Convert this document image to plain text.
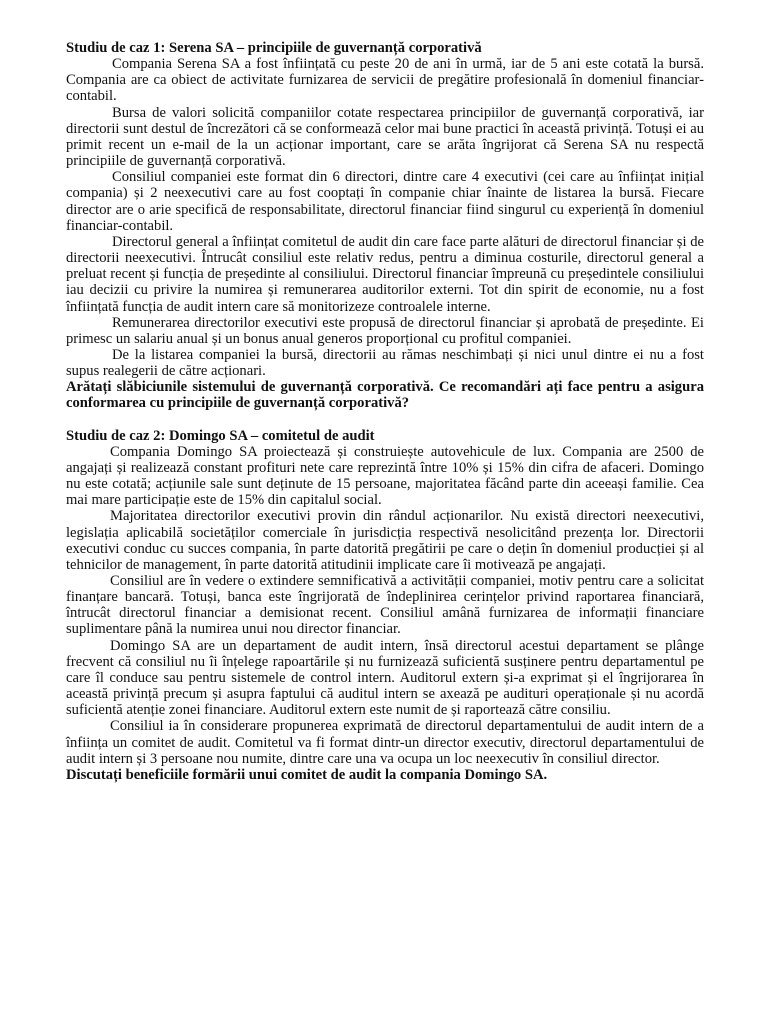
Studiu de caz 1: Serena SA – principiile de guvernanță corporativă

Compania Serena SA a fost înființată cu peste 20 de ani în urmă, iar de 5 ani este cotată la bursă. Compania are ca obiect de activitate furnizarea de servicii de pregătire profesională în domeniul financiar-contabil.

Bursa de valori solicită companiilor cotate respectarea principiilor de guvernanță corporativă, iar directorii sunt destul de încrezători că se conformează celor mai bune practici în această privință. Totuși ei au primit recent un e-mail de la un acționar important, care se arăta îngrijorat că Serena SA nu respectă principiile de guvernanță corporativă.

Consiliul companiei este format din 6 directori, dintre care 4 executivi (cei care au înființat inițial compania) și 2 neexecutivi care au fost cooptați în companie chiar înainte de listarea la bursă. Fiecare director are o arie specifică de responsabilitate, directorul financiar fiind singurul cu experiență în domeniul financiar-contabil.

Directorul general a înființat comitetul de audit din care face parte alături de directorul financiar și de directorii neexecutivi. Întrucât consiliul este relativ redus, pentru a diminua costurile, directorul general a preluat recent și funcția de președinte al consiliului. Directorul financiar împreună cu președintele consiliului iau decizii cu privire la numirea și remunerarea auditorilor externi. Tot din spirit de economie, nu a fost înființată funcția de audit intern care să monitorizeze controalele interne.

Remunerarea directorilor executivi este propusă de directorul financiar și aprobată de președinte. Ei primesc un salariu anual și un bonus anual generos proporțional cu profitul companiei.

De la listarea companiei la bursă, directorii au rămas neschimbați și nici unul dintre ei nu a fost supus realegerii de către acționari.

Arătați slăbiciunile sistemului de guvernanță corporativă. Ce recomandări ați face pentru a asigura conformarea cu principiile de guvernanță corporativă?

Studiu de caz 2: Domingo SA – comitetul de audit

Compania Domingo SA proiectează și construiește autovehicule de lux. Compania are 2500 de angajați și realizează constant profituri nete care reprezintă între 10% și 15% din cifra de afaceri. Domingo nu este cotată; acțiunile sale sunt deținute de 15 persoane, majoritatea făcând parte din aceeași familie. Cea mai mare participație este de 15% din capitalul social.

Majoritatea directorilor executivi provin din rândul acționarilor. Nu există directori neexecutivi, legislația aplicabilă societăților comerciale în jurisdicția respectivă nesolicitând prezența lor. Directorii executivi conduc cu succes compania, în parte datorită pregătirii pe care o dețin în domeniul producției și al tehnicilor de management, în parte datorită atitudinii implicate care îi motivează pe angajați.

Consiliul are în vedere o extindere semnificativă a activității companiei, motiv pentru care a solicitat finanțare bancară. Totuși, banca este îngrijorată de îndeplinirea cerințelor privind raportarea financiară, întrucât directorul financiar a demisionat recent. Consiliul amână furnizarea de informații financiare suplimentare până la numirea unui nou director financiar.

Domingo SA are un departament de audit intern, însă directorul acestui departament se plânge frecvent că consiliul nu îi înțelege rapoartările și nu furnizează suficientă susținere pentru departamentul pe care îl conduce sau pentru sistemele de control intern. Auditorul extern și-a exprimat și el îngrijorarea în această privință precum și asupra faptului că auditul intern se axează pe audituri operaționale și nu acordă suficientă atenție zonei financiare. Auditorul extern este numit de și raportează către consiliu.

Consiliul ia în considerare propunerea exprimată de directorul departamentului de audit intern de a înființa un comitet de audit. Comitetul va fi format dintr-un director executiv, directorul departamentului de audit intern și 3 persoane nou numite, dintre care una va ocupa un loc neexecutiv în consiliul director.

Discutați beneficiile formării unui comitet de audit la compania Domingo SA.
